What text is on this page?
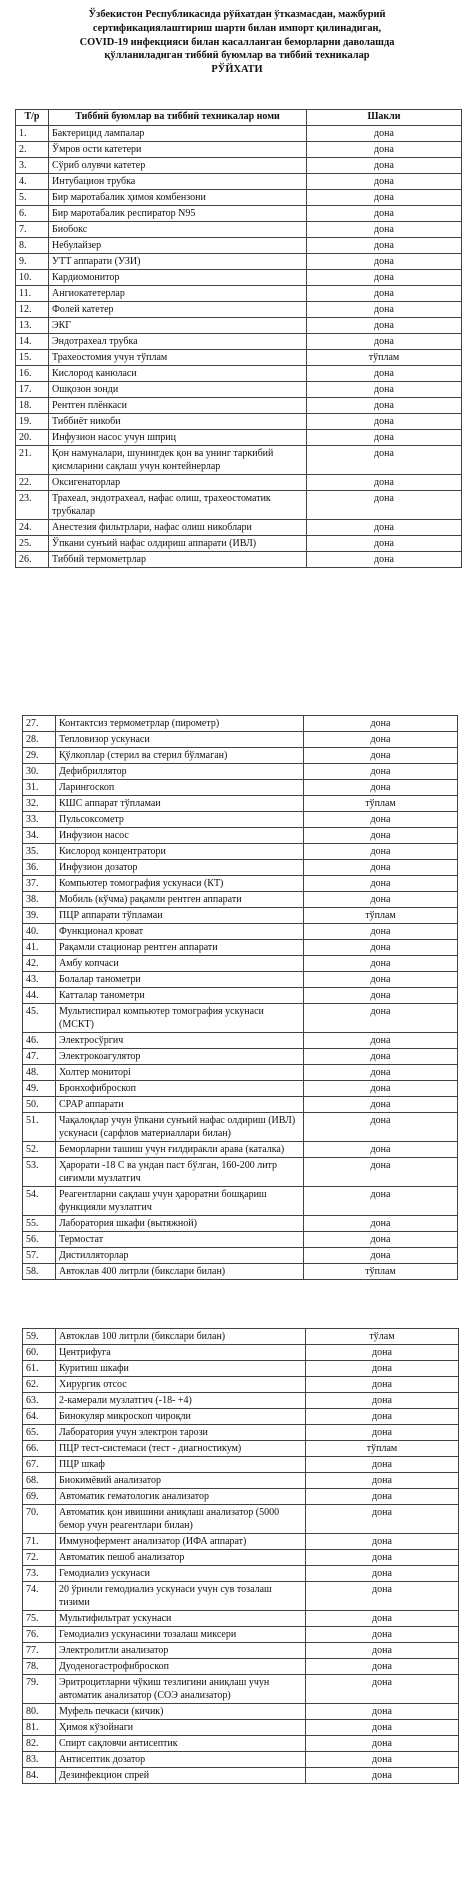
Ўзбекистон Республикасида рўйхатдан ўтказмасдан, мажбурий
сертификациялаштириш шарти билан импорт қилинадиган,
COVID-19 инфекцияси билан касалланган беморларни даволашда
қўлланиладиган тиббий буюмлар ва тиббий техникалар
РЎЙХАТИ
Т/р	Тиббий буюмлар ва тиббий техникалар номи	Шакли
1.	Бактерицид лампалар	дона
2.	Ўмров ости катетери	дона
3.	Сўриб олувчи катетер	дона
4.	Интубацион трубка	дона
5.	Бир маротабалик ҳимоя комбензони	дона
6.	Бир маротабалик респиратор N95	дона
7.	Биобокс	дона
8.	Небулайзер	дона
9.	УТТ аппарати (УЗИ)	дона
10.	Кардиомонитор	дона
11.	Ангиокатетерлар	дона
12.	Фолей катетер	дона
13.	ЭКГ	дона
14.	Эндотрахеал трубка	дона
15.	Трахеостомия учун тўплам	тўплам
16.	Кислород канюласи	дона
17.	Ошқозон зонди	дона
18.	Рентген плёнкаси	дона
19.	Тиббиёт никоби	дона
20.	Инфузион насос учун шприц	дона
21.	Қон намуналари, шунингдек қон ва унинг таркибий қисмларини сақлаш учун контейнерлар	дона
22.	Оксигенаторлар	дона
23.	Трахеал, эндотрахеал, нафас олиш, трахеостоматик трубкалар	дона
24.	Анестезия фильтрлари, нафас олиш никоблари	дона
25.	Ўпкани сунъий нафас олдириш аппарати (ИВЛ)	дона
26.	Тиббий термометрлар	дона
27.	Контактсиз термометрлар (пирометр)	дона
28.	Тепловизор ускунаси	дона
29.	Қўлкоплар (стерил ва стерил бўлмаган)	дона
30.	Дефибриллятор	дона
31.	Ларингоскоп	дона
32.	КШС аппарат тўпламаи	тўплам
33.	Пульсоксометр	дона
34.	Инфузион насос	дона
35.	Кислород концентратори	дона
36.	Инфузион дозатор	дона
37.	Компьютер томография ускунаси (КТ)	дона
38.	Мобиль (кўчма) рақамли рентген аппарати	дона
39.	ПЦР аппарати тўпламаи	тўплам
40.	Функционал кроват	дона
41.	Рақамли стационар рентген аппарати	дона
42.	Амбу копчаси	дона
43.	Болалар танометри	дона
44.	Катталар танометри	дона
45.	Мультиспирал компьютер томография ускунаси (МСКТ)	дона
46.	Электросўргич	дона
47.	Электрокоагулятор	дона
48.	Холтер мониторi	дона
49.	Бронхофиброскоп	дона
50.	CPAP аппарати	дона
51.	Чақалоқлар учун ўпкани сунъий нафас олдириш (ИВЛ) ускунаси (сарфлов материаллари билан)	дона
52.	Беморларни ташиш учун ғилдиракли арава (каталка)	дона
53.	Ҳарорати -18 С ва ундан паст бўлган, 160-200 литр сиғимли музлатгич	дона
54.	Реагентларни сақлаш учун ҳароратни бошқариш функцияли музлатгич	дона
55.	Лаборатория шкафи (вытяжной)	дона
56.	Термостат	дона
57.	Дистилляторлар	дона
58.	Автоклав 400 литрли (бикслари билан)	тўплам
59.	Автоклав 100 литрли (бикслари билан)	тўлам
60.	Центрифуга	дона
61.	Куритиш шкафи	дона
62.	Хирургик отсос	дона
63.	2-камерали музлатгич (-18- +4)	дона
64.	Бинокуляр микроскоп чироқли	дона
65.	Лаборатория учун электрон тарози	дона
66.	ПЦР тест-системаси (тест - диагностикум)	тўплам
67.	ПЦР шкаф	дона
68.	Биокимёвий анализатор	дона
69.	Автоматик гематологик анализатор	дона
70.	Автоматик қон ивишини аниқлаш анализатор (5000 бемор учун реагентлари билан)	дона
71.	Иммунофермент анализатор (ИФА аппарат)	дона
72.	Автоматик пешоб анализатор	дона
73.	Гемодиализ ускунаси	дона
74.	20 ўринли гемодиализ ускунаси учун сув тозалаш тизими	дона
75.	Мультифильтрат ускунаси	дона
76.	Гемодиализ ускунасини тозалаш миксери	дона
77.	Электролитли анализатор	дона
78.	Дуоденогастрофиброскоп	дона
79.	Эритроцитларни чўкиш тезлигини аниқлаш учун автоматик анализатор (СОЭ анализатор)	дона
80.	Муфель печкаси (кичик)	дона
81.	Ҳимоя кўзойнаги	дона
82.	Спирт сақловчи антисептик	дона
83.	Антисептик дозатор	дона
84.	Дезинфекцион спрей	дона
